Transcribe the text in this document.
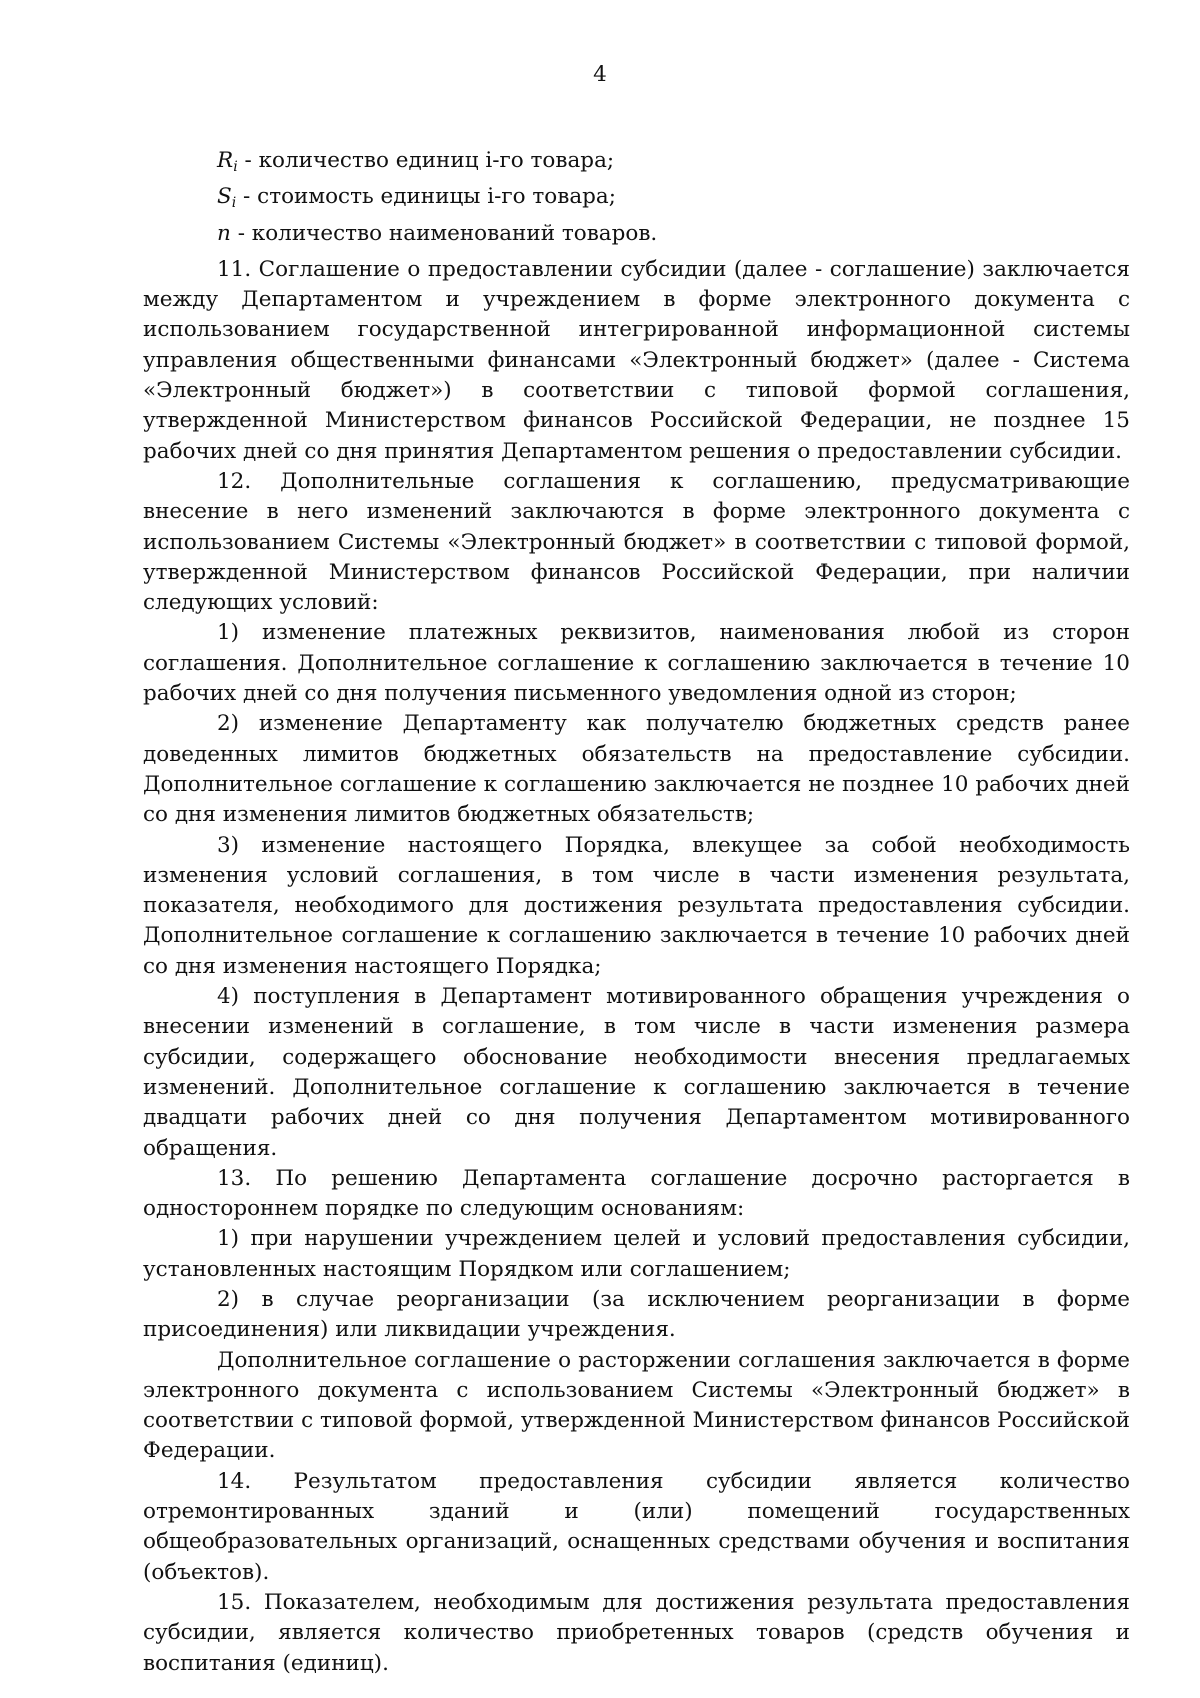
4
$R_i$ - количество единиц i-го товара;
$S_i$ - стоимость единицы i-го товара;
n - количество наименований товаров.

11. Соглашение о предоставлении субсидии (далее - соглашение) заключается между Департаментом и учреждением в форме электронного документа с использованием государственной интегрированной информационной системы управления общественными финансами «Электронный бюджет» (далее - Система «Электронный бюджет») в соответствии с типовой формой соглашения, утвержденной Министерством финансов Российской Федерации, не позднее 15 рабочих дней со дня принятия Департаментом решения о предоставлении субсидии.

12. Дополнительные соглашения к соглашению, предусматривающие внесение в него изменений заключаются в форме электронного документа с использованием Системы «Электронный бюджет» в соответствии с типовой формой, утвержденной Министерством финансов Российской Федерации, при наличии следующих условий:

1) изменение платежных реквизитов, наименования любой из сторон соглашения. Дополнительное соглашение к соглашению заключается в течение 10 рабочих дней со дня получения письменного уведомления одной из сторон;

2) изменение Департаменту как получателю бюджетных средств ранее доведенных лимитов бюджетных обязательств на предоставление субсидии. Дополнительное соглашение к соглашению заключается не позднее 10 рабочих дней со дня изменения лимитов бюджетных обязательств;

3) изменение настоящего Порядка, влекущее за собой необходимость изменения условий соглашения, в том числе в части изменения результата, показателя, необходимого для достижения результата предоставления субсидии. Дополнительное соглашение к соглашению заключается в течение 10 рабочих дней со дня изменения настоящего Порядка;

4) поступления в Департамент мотивированного обращения учреждения о внесении изменений в соглашение, в том числе в части изменения размера субсидии, содержащего обоснование необходимости внесения предлагаемых изменений. Дополнительное соглашение к соглашению заключается в течение двадцати рабочих дней со дня получения Департаментом мотивированного обращения.

13. По решению Департамента соглашение досрочно расторгается в одностороннем порядке по следующим основаниям:

1) при нарушении учреждением целей и условий предоставления субсидии, установленных настоящим Порядком или соглашением;

2) в случае реорганизации (за исключением реорганизации в форме присоединения) или ликвидации учреждения.

Дополнительное соглашение о расторжении соглашения заключается в форме электронного документа с использованием Системы «Электронный бюджет» в соответствии с типовой формой, утвержденной Министерством финансов Российской Федерации.

14. Результатом предоставления субсидии является количество отремонтированных зданий и (или) помещений государственных общеобразовательных организаций, оснащенных средствами обучения и воспитания (объектов).

15. Показателем, необходимым для достижения результата предоставления субсидии, является количество приобретенных товаров (средств обучения и воспитания (единиц).
